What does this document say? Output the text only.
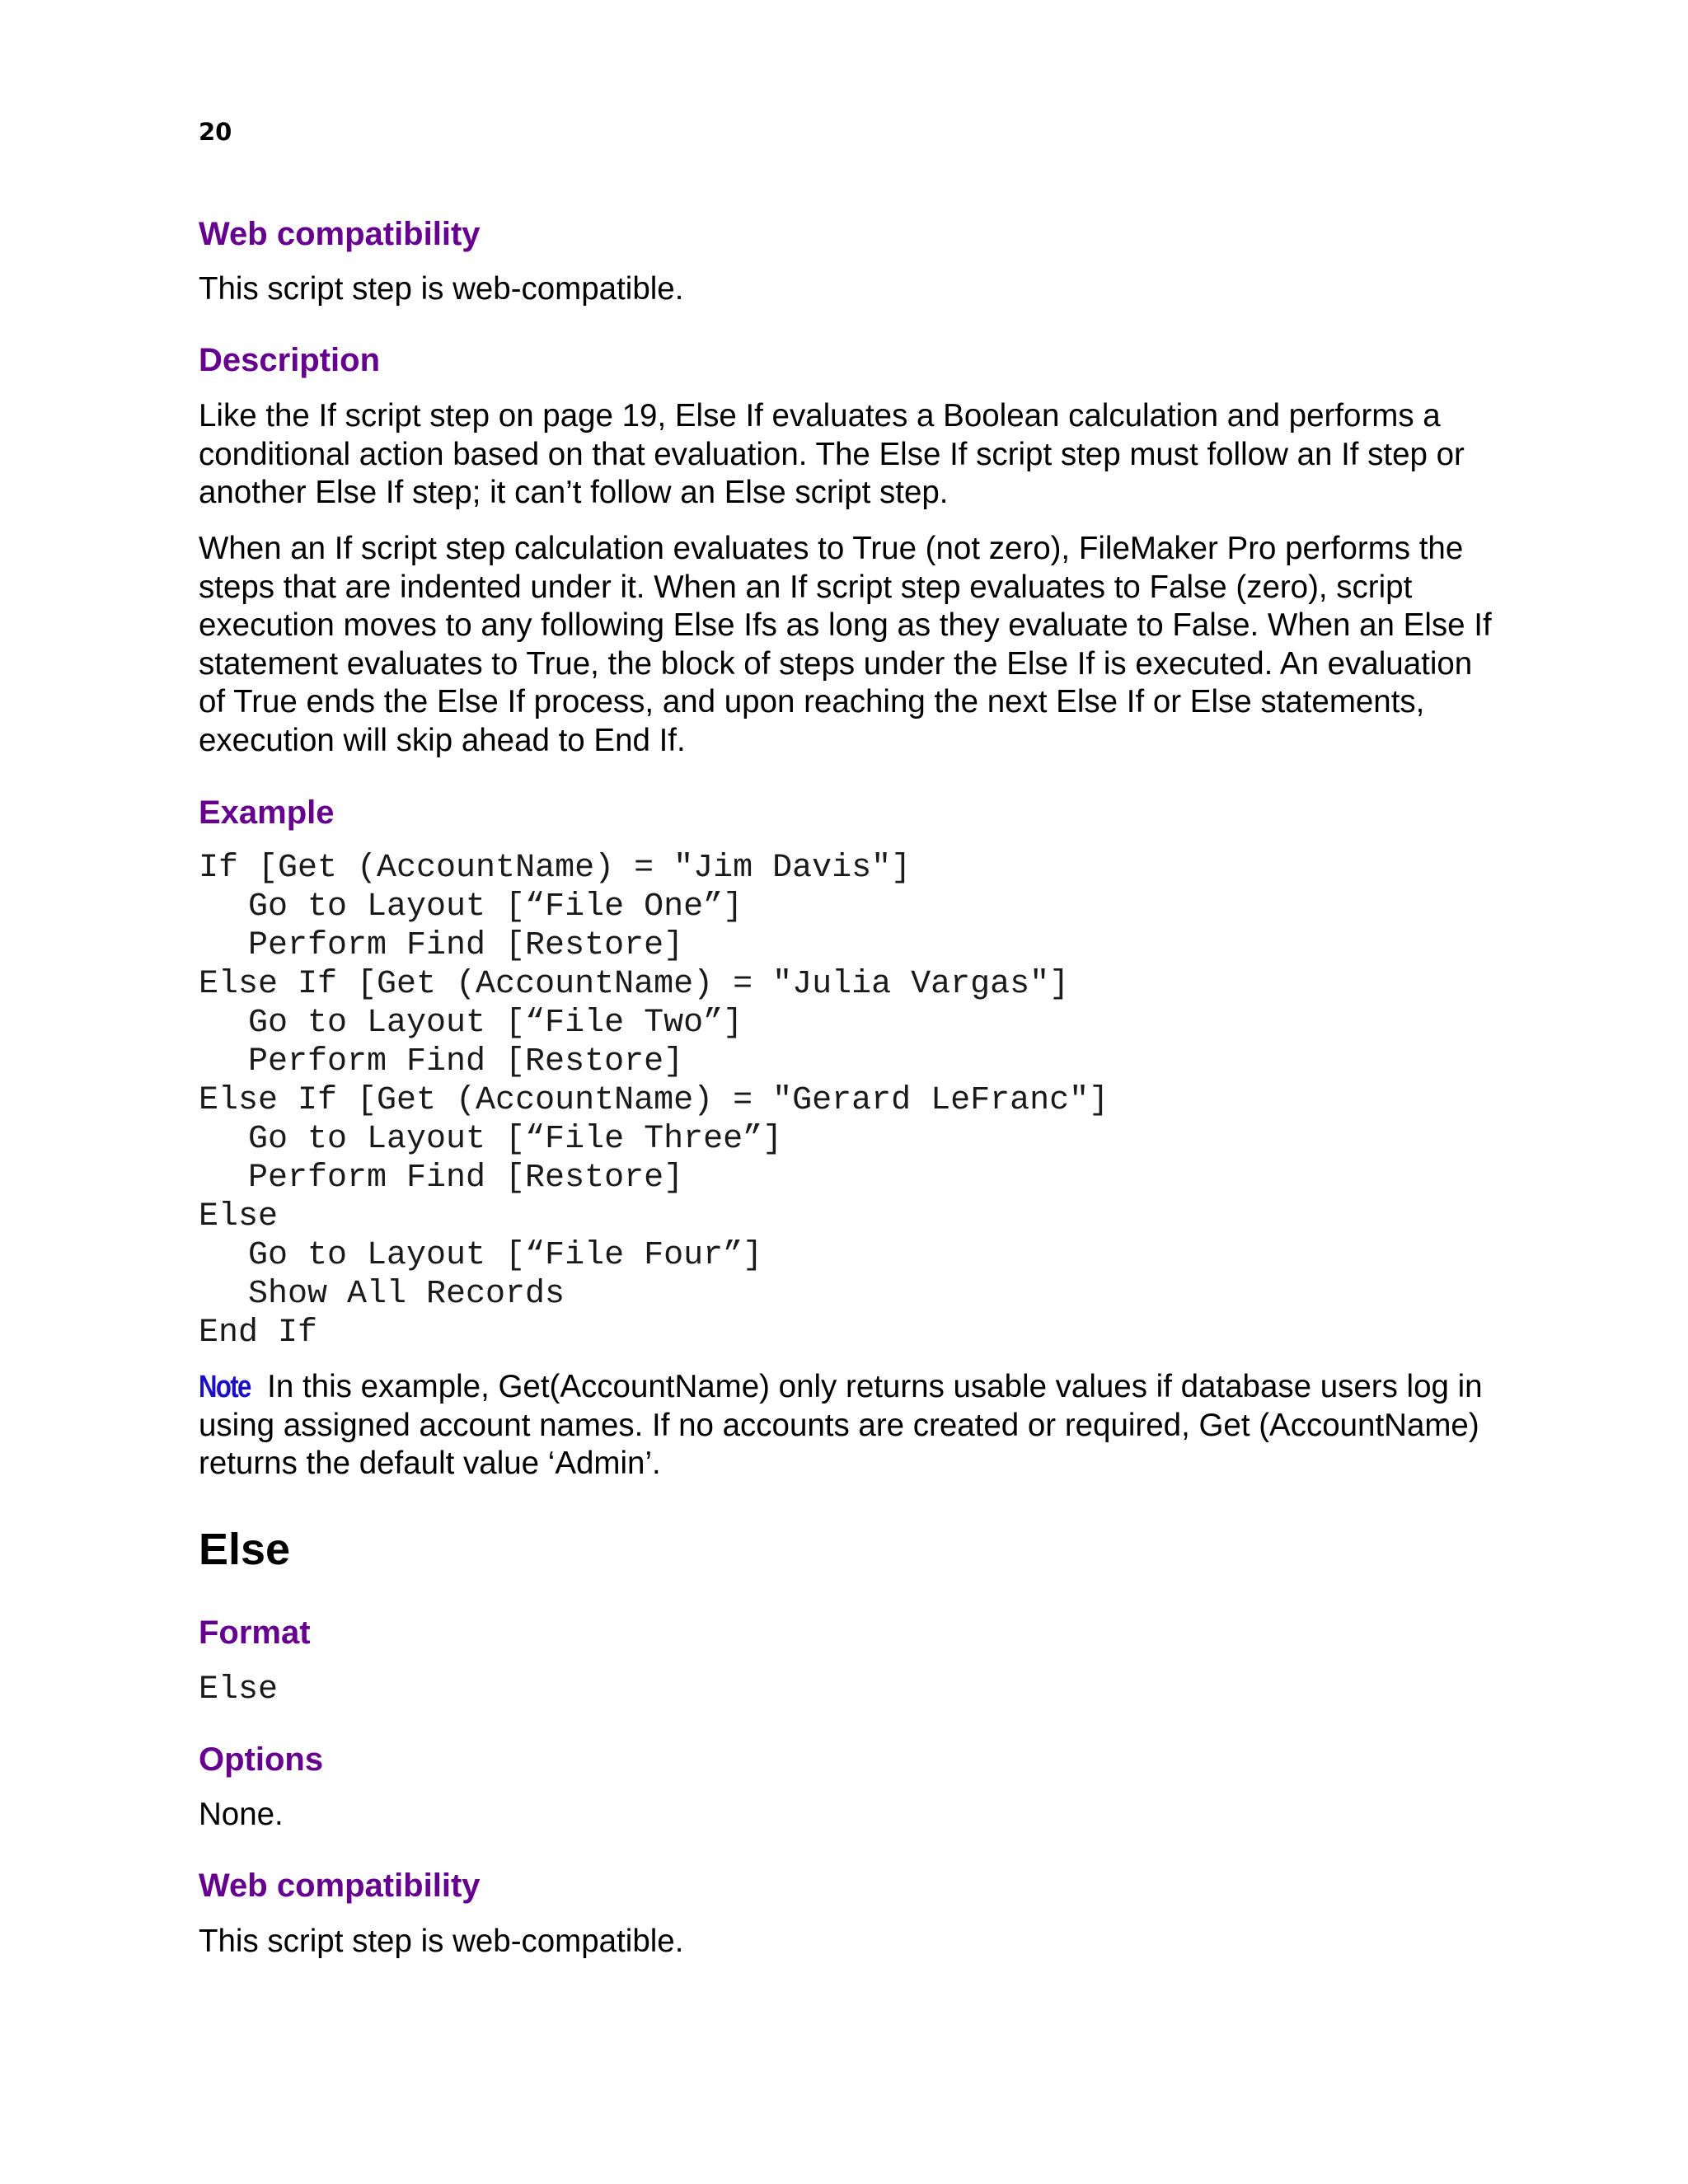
20
Web compatibility

This script step is web-compatible.

Description

Like the If script step on page 19, Else If evaluates a Boolean calculation and performs a conditional action based on that evaluation. The Else If script step must follow an If step or another Else If step; it can’t follow an Else script step.

When an If script step calculation evaluates to True (not zero), FileMaker Pro performs the steps that are indented under it. When an If script step evaluates to False (zero), script execution moves to any following Else Ifs as long as they evaluate to False. When an Else If statement evaluates to True, the block of steps under the Else If is executed. An evaluation of True ends the Else If process, and upon reaching the next Else If or Else statements, execution will skip ahead to End If.

Example
If [Get (AccountName) = "Jim Davis"]
Go to Layout [“File One”]
Perform Find [Restore]
Else If [Get (AccountName) = "Julia Vargas"]
Go to Layout [“File Two”]
Perform Find [Restore]
Else If [Get (AccountName) = "Gerard LeFranc"]
Go to Layout [“File Three”]
Perform Find [Restore]
Else
Go to Layout [“File Four”]
Show All Records
End If

Note In this example, Get(AccountName) only returns usable values if database users log in using assigned account names. If no accounts are created or required, Get (AccountName) returns the default value ‘Admin’.

Else
Format
Else
Options

None.

Web compatibility

This script step is web-compatible.
